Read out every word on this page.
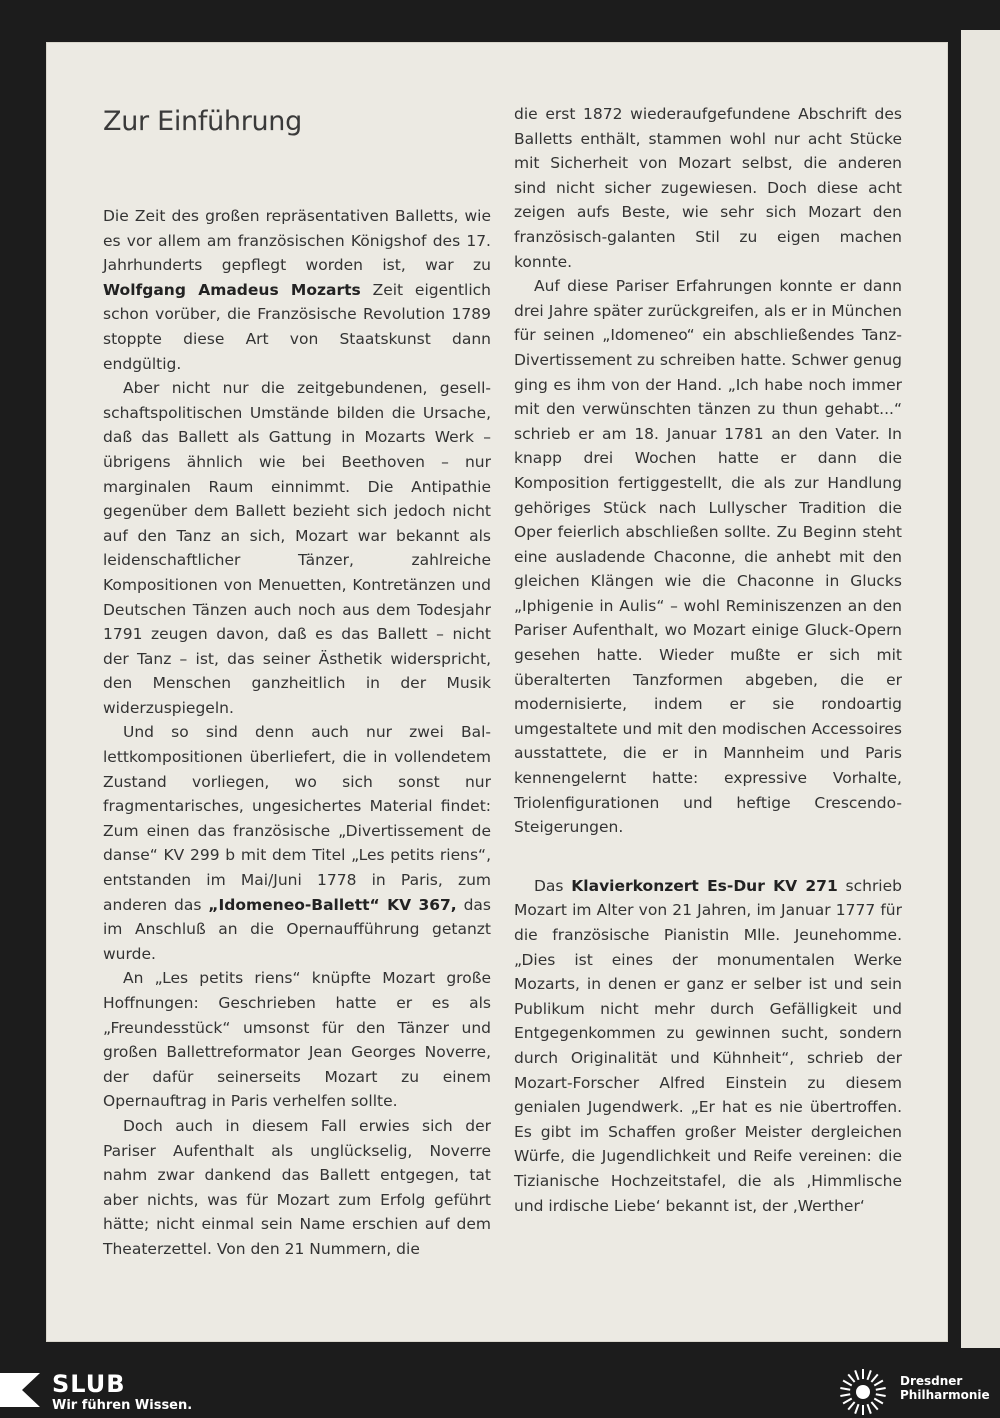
Zur Einführung

Die Zeit des großen repräsentativen Balletts, wie es vor allem am französischen Königshof des 17. Jahrhunderts gepflegt worden ist, war zu Wolfgang Amadeus Mozarts Zeit eigentlich schon vorüber, die Französische Revolution 1789 stoppte diese Art von Staatskunst dann endgültig.

Aber nicht nur die zeitgebundenen, gesellschaftspolitischen Umstände bilden die Ursache, daß das Ballett als Gattung in Mozarts Werk – übrigens ähnlich wie bei Beethoven – nur marginalen Raum einnimmt. Die Antipathie gegenüber dem Ballett bezieht sich jedoch nicht auf den Tanz an sich, Mozart war bekannt als leidenschaftlicher Tänzer, zahlreiche Kompositionen von Menuetten, Kontretänzen und Deutschen Tänzen auch noch aus dem Todesjahr 1791 zeugen davon, daß es das Ballett – nicht der Tanz – ist, das seiner Ästhetik widerspricht, den Menschen ganzheitlich in der Musik widerzuspiegeln.

Und so sind denn auch nur zwei Ballettkompositionen überliefert, die in vollendetem Zustand vorliegen, wo sich sonst nur fragmentarisches, ungesichertes Material findet: Zum einen das französische „Divertissement de danse“ KV 299 b mit dem Titel „Les petits riens“, entstanden im Mai/Juni 1778 in Paris, zum anderen das „Idomeneo-Ballett“ KV 367, das im Anschluß an die Opernaufführung getanzt wurde.

An „Les petits riens“ knüpfte Mozart große Hoffnungen: Geschrieben hatte er es als „Freundesstück“ umsonst für den Tänzer und großen Ballettreformator Jean Georges Noverre, der dafür seinerseits Mozart zu einem Opernauftrag in Paris verhelfen sollte.

Doch auch in diesem Fall erwies sich der Pariser Aufenthalt als unglückselig, Noverre nahm zwar dankend das Ballett entgegen, tat aber nichts, was für Mozart zum Erfolg geführt hätte; nicht einmal sein Name erschien auf dem Theaterzettel. Von den 21 Nummern, die

die erst 1872 wiederaufgefundene Abschrift des Balletts enthält, stammen wohl nur acht Stücke mit Sicherheit von Mozart selbst, die anderen sind nicht sicher zugewiesen. Doch diese acht zeigen aufs Beste, wie sehr sich Mozart den französisch-galanten Stil zu eigen machen konnte.

Auf diese Pariser Erfahrungen konnte er dann drei Jahre später zurückgreifen, als er in München für seinen „Idomeneo“ ein abschließendes Tanz-Divertissement zu schreiben hatte. Schwer genug ging es ihm von der Hand. „Ich habe noch immer mit den verwünschten tänzen zu thun gehabt...“ schrieb er am 18. Januar 1781 an den Vater. In knapp drei Wochen hatte er dann die Komposition fertiggestellt, die als zur Handlung gehöriges Stück nach Lullyscher Tradition die Oper feierlich abschließen sollte. Zu Beginn steht eine ausladende Chaconne, die anhebt mit den gleichen Klängen wie die Chaconne in Glucks „Iphigenie in Aulis“ – wohl Reminiszenzen an den Pariser Aufenthalt, wo Mozart einige Gluck-Opern gesehen hatte. Wieder mußte er sich mit überalterten Tanzformen abgeben, die er modernisierte, indem er sie rondoartig umgestaltete und mit den modischen Accessoires ausstattete, die er in Mannheim und Paris kennengelernt hatte: expressive Vorhalte, Triolenfigurationen und heftige Crescendo-Steigerungen.

Das Klavierkonzert Es-Dur KV 271 schrieb Mozart im Alter von 21 Jahren, im Januar 1777 für die französische Pianistin Mlle. Jeunehomme. „Dies ist eines der monumentalen Werke Mozarts, in denen er ganz er selber ist und sein Publikum nicht mehr durch Gefälligkeit und Entgegenkommen zu gewinnen sucht, sondern durch Originalität und Kühnheit“, schrieb der Mozart-Forscher Alfred Einstein zu diesem genialen Jugendwerk. „Er hat es nie übertroffen. Es gibt im Schaffen großer Meister dergleichen Würfe, die Jugendlichkeit und Reife vereinen: die Tizianische Hochzeitstafel, die als ‚Himmlische und irdische Liebe‘ bekannt ist, der ‚Werther‘

SLUB
Wir führen Wissen.
Dresdner
Philharmonie
